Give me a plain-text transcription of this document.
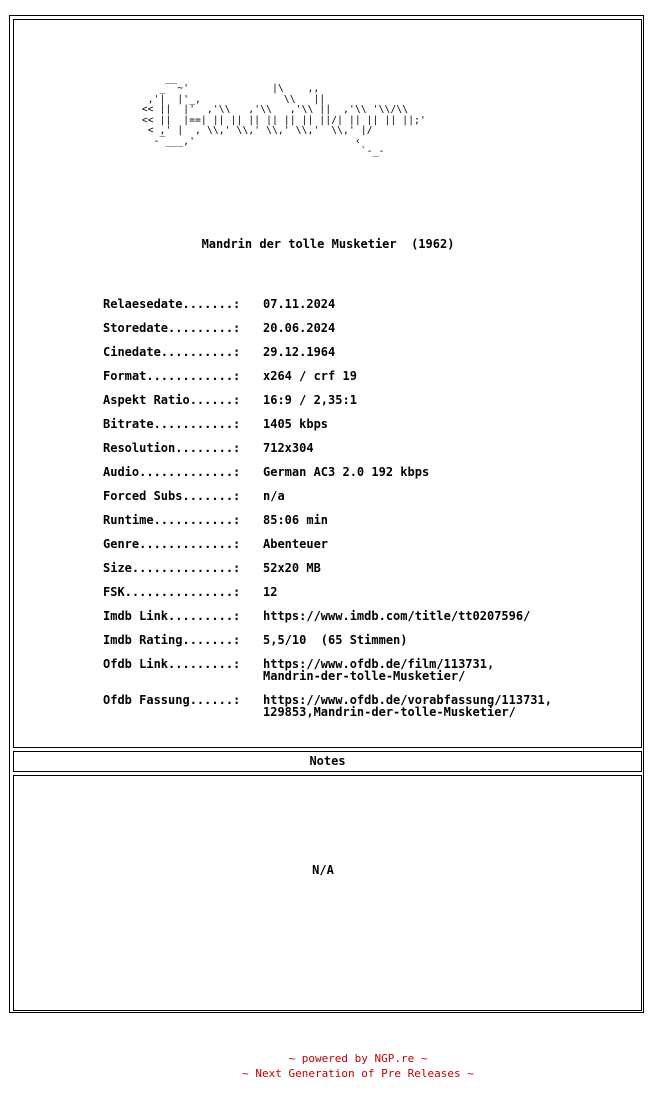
_‾‾~'              |\    ,,
,'|  |'_,              \\   ||
<< ||  |'  ,'\\   ,'\\   ,'\\ ||  ,'\\ '\\/\\
<< ||  |==| || || || || || || ||/| || || || ||;'
< ,' |  , \\,' \\,' \\,' \\,'  \\,' |/
-‾___,'                           ‹
`-_-
Mandrin der tolle Musketier  (1962)
Relaesedate.......:	07.11.2024
Storedate.........:	20.06.2024
Cinedate..........:	29.12.1964
Format............:	x264 / crf 19
Aspekt Ratio......:	16:9 / 2,35:1
Bitrate...........:	1405 kbps
Resolution........:	712x304
Audio.............:	German AC3 2.0 192 kbps
Forced Subs.......:	n/a
Runtime...........:	85:06 min
Genre.............:	Abenteuer
Size..............:	52x20 MB
FSK...............:	12
Imdb Link.........:	https://www.imdb.com/title/tt0207596/
Imdb Rating.......:	5,5/10  (65 Stimmen)
Ofdb Link.........:	https://www.ofdb.de/film/113731,
Mandrin-der-tolle-Musketier/
Ofdb Fassung......:	https://www.ofdb.de/vorabfassung/113731,
129853,Mandrin-der-tolle-Musketier/
Notes
N/A
~ powered by NGP.re ~
~ Next Generation of Pre Releases ~
